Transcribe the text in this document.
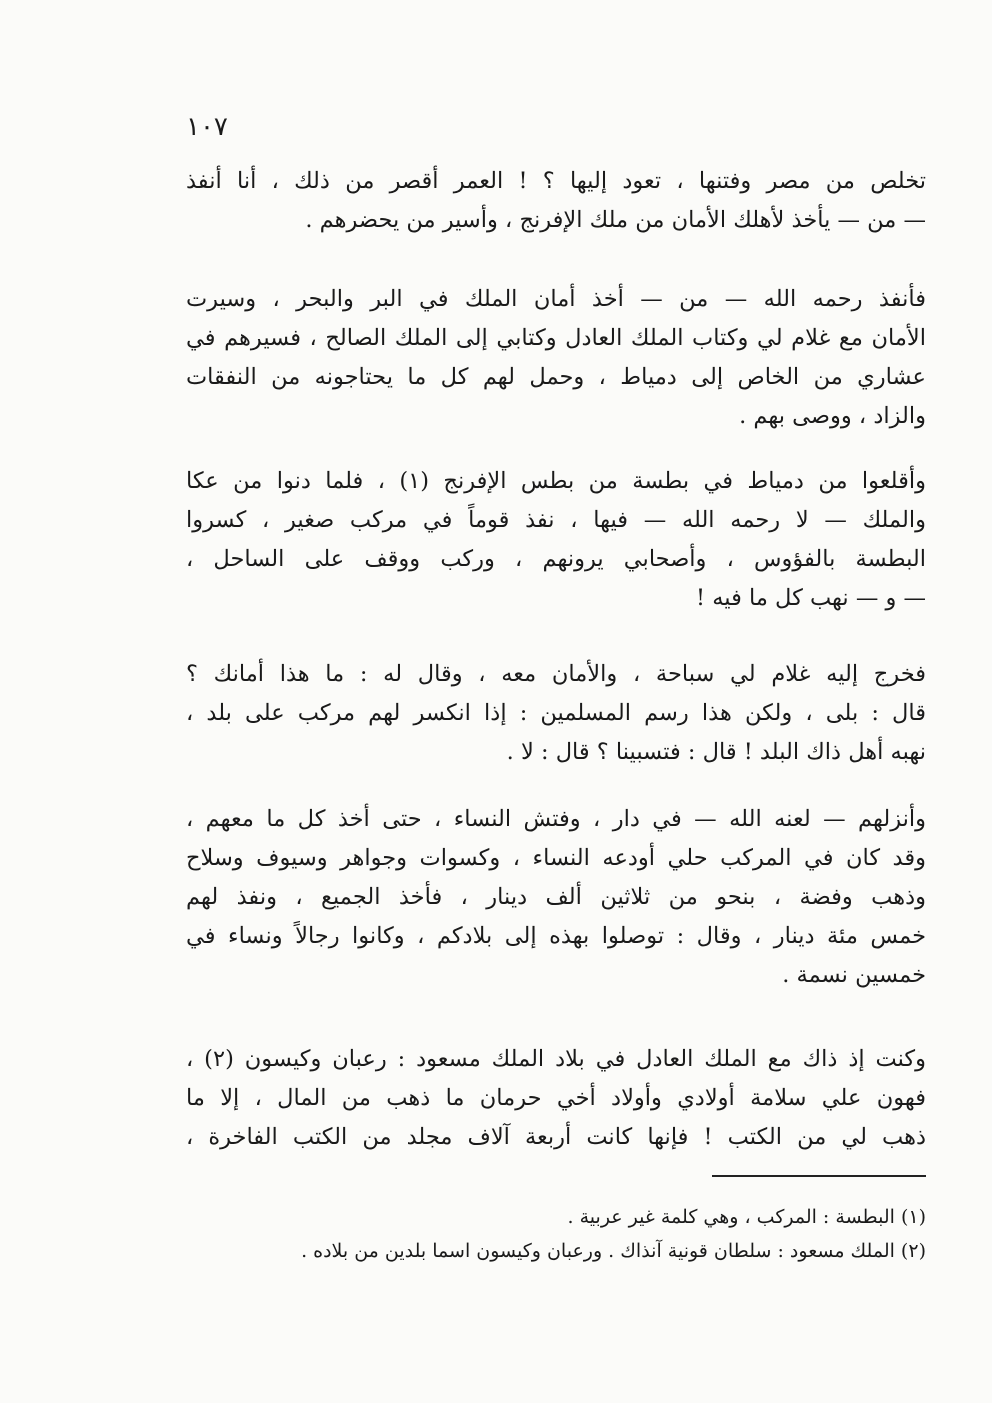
١٠٧
تخلص من مصر وفتنها ، تعود إليها ؟ ! العمر أقصر من ذلك ، أنا أنفذ
— من — يأخذ لأهلك الأمان من ملك الإفرنج ، وأسير من يحضرهم .
فأنفذ رحمه الله — من — أخذ أمان الملك في البر والبحر ، وسيرت
الأمان مع غلام لي وكتاب الملك العادل وكتابي إلى الملك الصالح ، فسيرهم في
عشاري من الخاص إلى دمياط ، وحمل لهم كل ما يحتاجونه من النفقات
والزاد ، ووصى بهم .
وأقلعوا من دمياط في بطسة من بطس الإفرنج (١) ، فلما دنوا من عكا
والملك — لا رحمه الله — فيها ، نفذ قوماً في مركب صغير ، كسروا
البطسة بالفؤوس ، وأصحابي يرونهم ، وركب ووقف على الساحل ،
— و — نهب كل ما فيه !
فخرج إليه غلام لي سباحة ، والأمان معه ، وقال له : ما هذا أمانك ؟
قال : بلى ، ولكن هذا رسم المسلمين : إذا انكسر لهم مركب على بلد ،
نهبه أهل ذاك البلد ! قال : فتسبينا ؟ قال : لا .
وأنزلهم — لعنه الله — في دار ، وفتش النساء ، حتى أخذ كل ما معهم ،
وقد كان في المركب حلي أودعه النساء ، وكسوات وجواهر وسيوف وسلاح
وذهب وفضة ، بنحو من ثلاثين ألف دينار ، فأخذ الجميع ، ونفذ لهم
خمس مئة دينار ، وقال : توصلوا بهذه إلى بلادكم ، وكانوا رجالاً ونساء في
خمسين نسمة .
وكنت إذ ذاك مع الملك العادل في بلاد الملك مسعود : رعبان وكيسون (٢) ،
فهون علي سلامة أولادي وأولاد أخي حرمان ما ذهب من المال ، إلا ما
ذهب لي من الكتب ! فإنها كانت أربعة آلاف مجلد من الكتب الفاخرة ،
(١) البطسة : المركب ، وهي كلمة غير عربية .
(٢) الملك مسعود : سلطان قونية آنذاك . ورعبان وكيسون اسما بلدين من بلاده .
